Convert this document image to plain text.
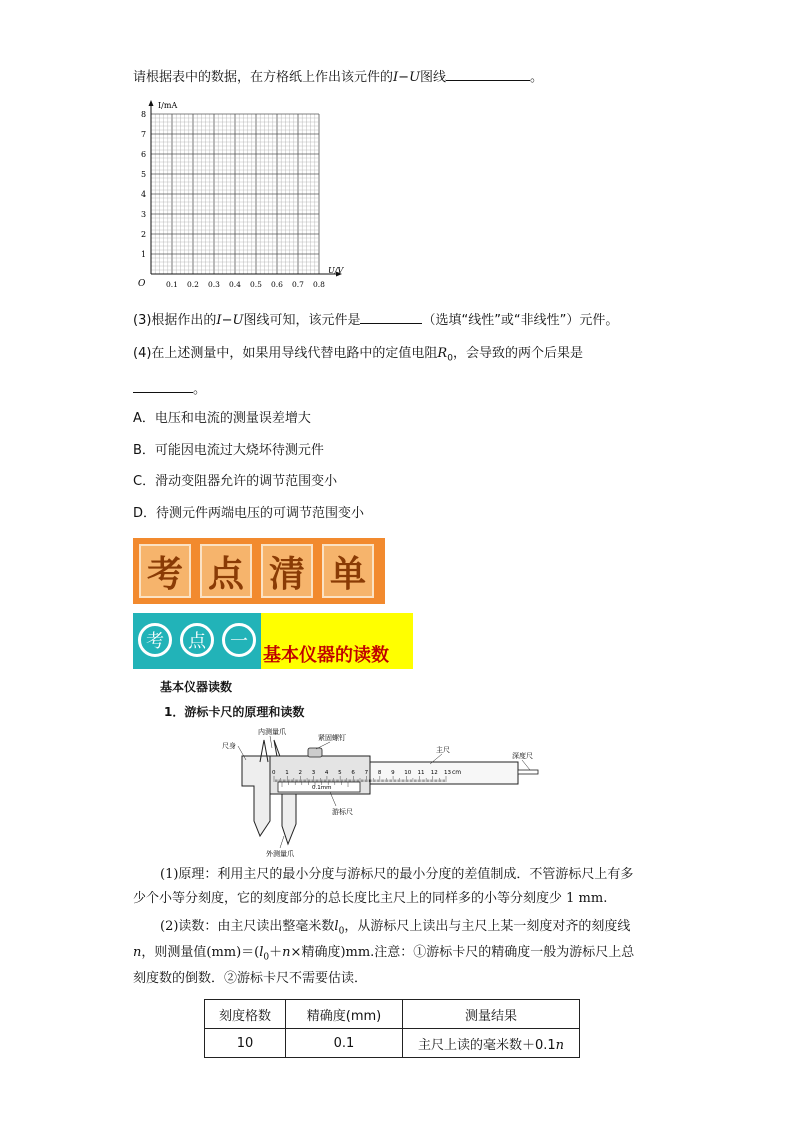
请根据表中的数据，在方格纸上作出该元件的I−U图线	。
I/mA
U/V
O
1
2
3
4
5
6
7
8
0.1 0.2 0.3 0.4 0.5 0.6 0.7 0.8
(3)根据作出的I−U图线可知，该元件是	（选填“线性”或“非线性”）元件。
(4)在上述测量中，如果用导线代替电路中的定值电阻$R_0$，会导致的两个后果是
。
A．电压和电流的测量误差增大
B．可能因电流过大烧坏待测元件
C．滑动变阻器允许的调节范围变小
D．待测元件两端电压的可调节范围变小
考 点 清 单
考	点	一
基本仪器的读数
基本仪器读数
1．游标卡尺的原理和读数
0 1 2 3 4 5 6 7 8 9 10 11 12 13 cm
0.1mm
内测量爪
尺身
紧固螺钉
主尺
深度尺
游标尺
外测量爪
(1)原理：利用主尺的最小分度与游标尺的最小分度的差值制成．不管游标尺上有多
少个小等分刻度，它的刻度部分的总长度比主尺上的同样多的小等分刻度少 1 mm.
(2)读数：由主尺读出整毫米数$l_0$，从游标尺上读出与主尺上某一刻度对齐的刻度线
n，则测量值$(mm)=(l_0+n\times$精确度)mm.注意：①游标卡尺的精确度一般为游标尺上总
刻度数的倒数．②游标卡尺不需要估读．
刻度格数	精确度(mm)	测量结果
10	0.1	主尺上读的毫米数＋0.1n
